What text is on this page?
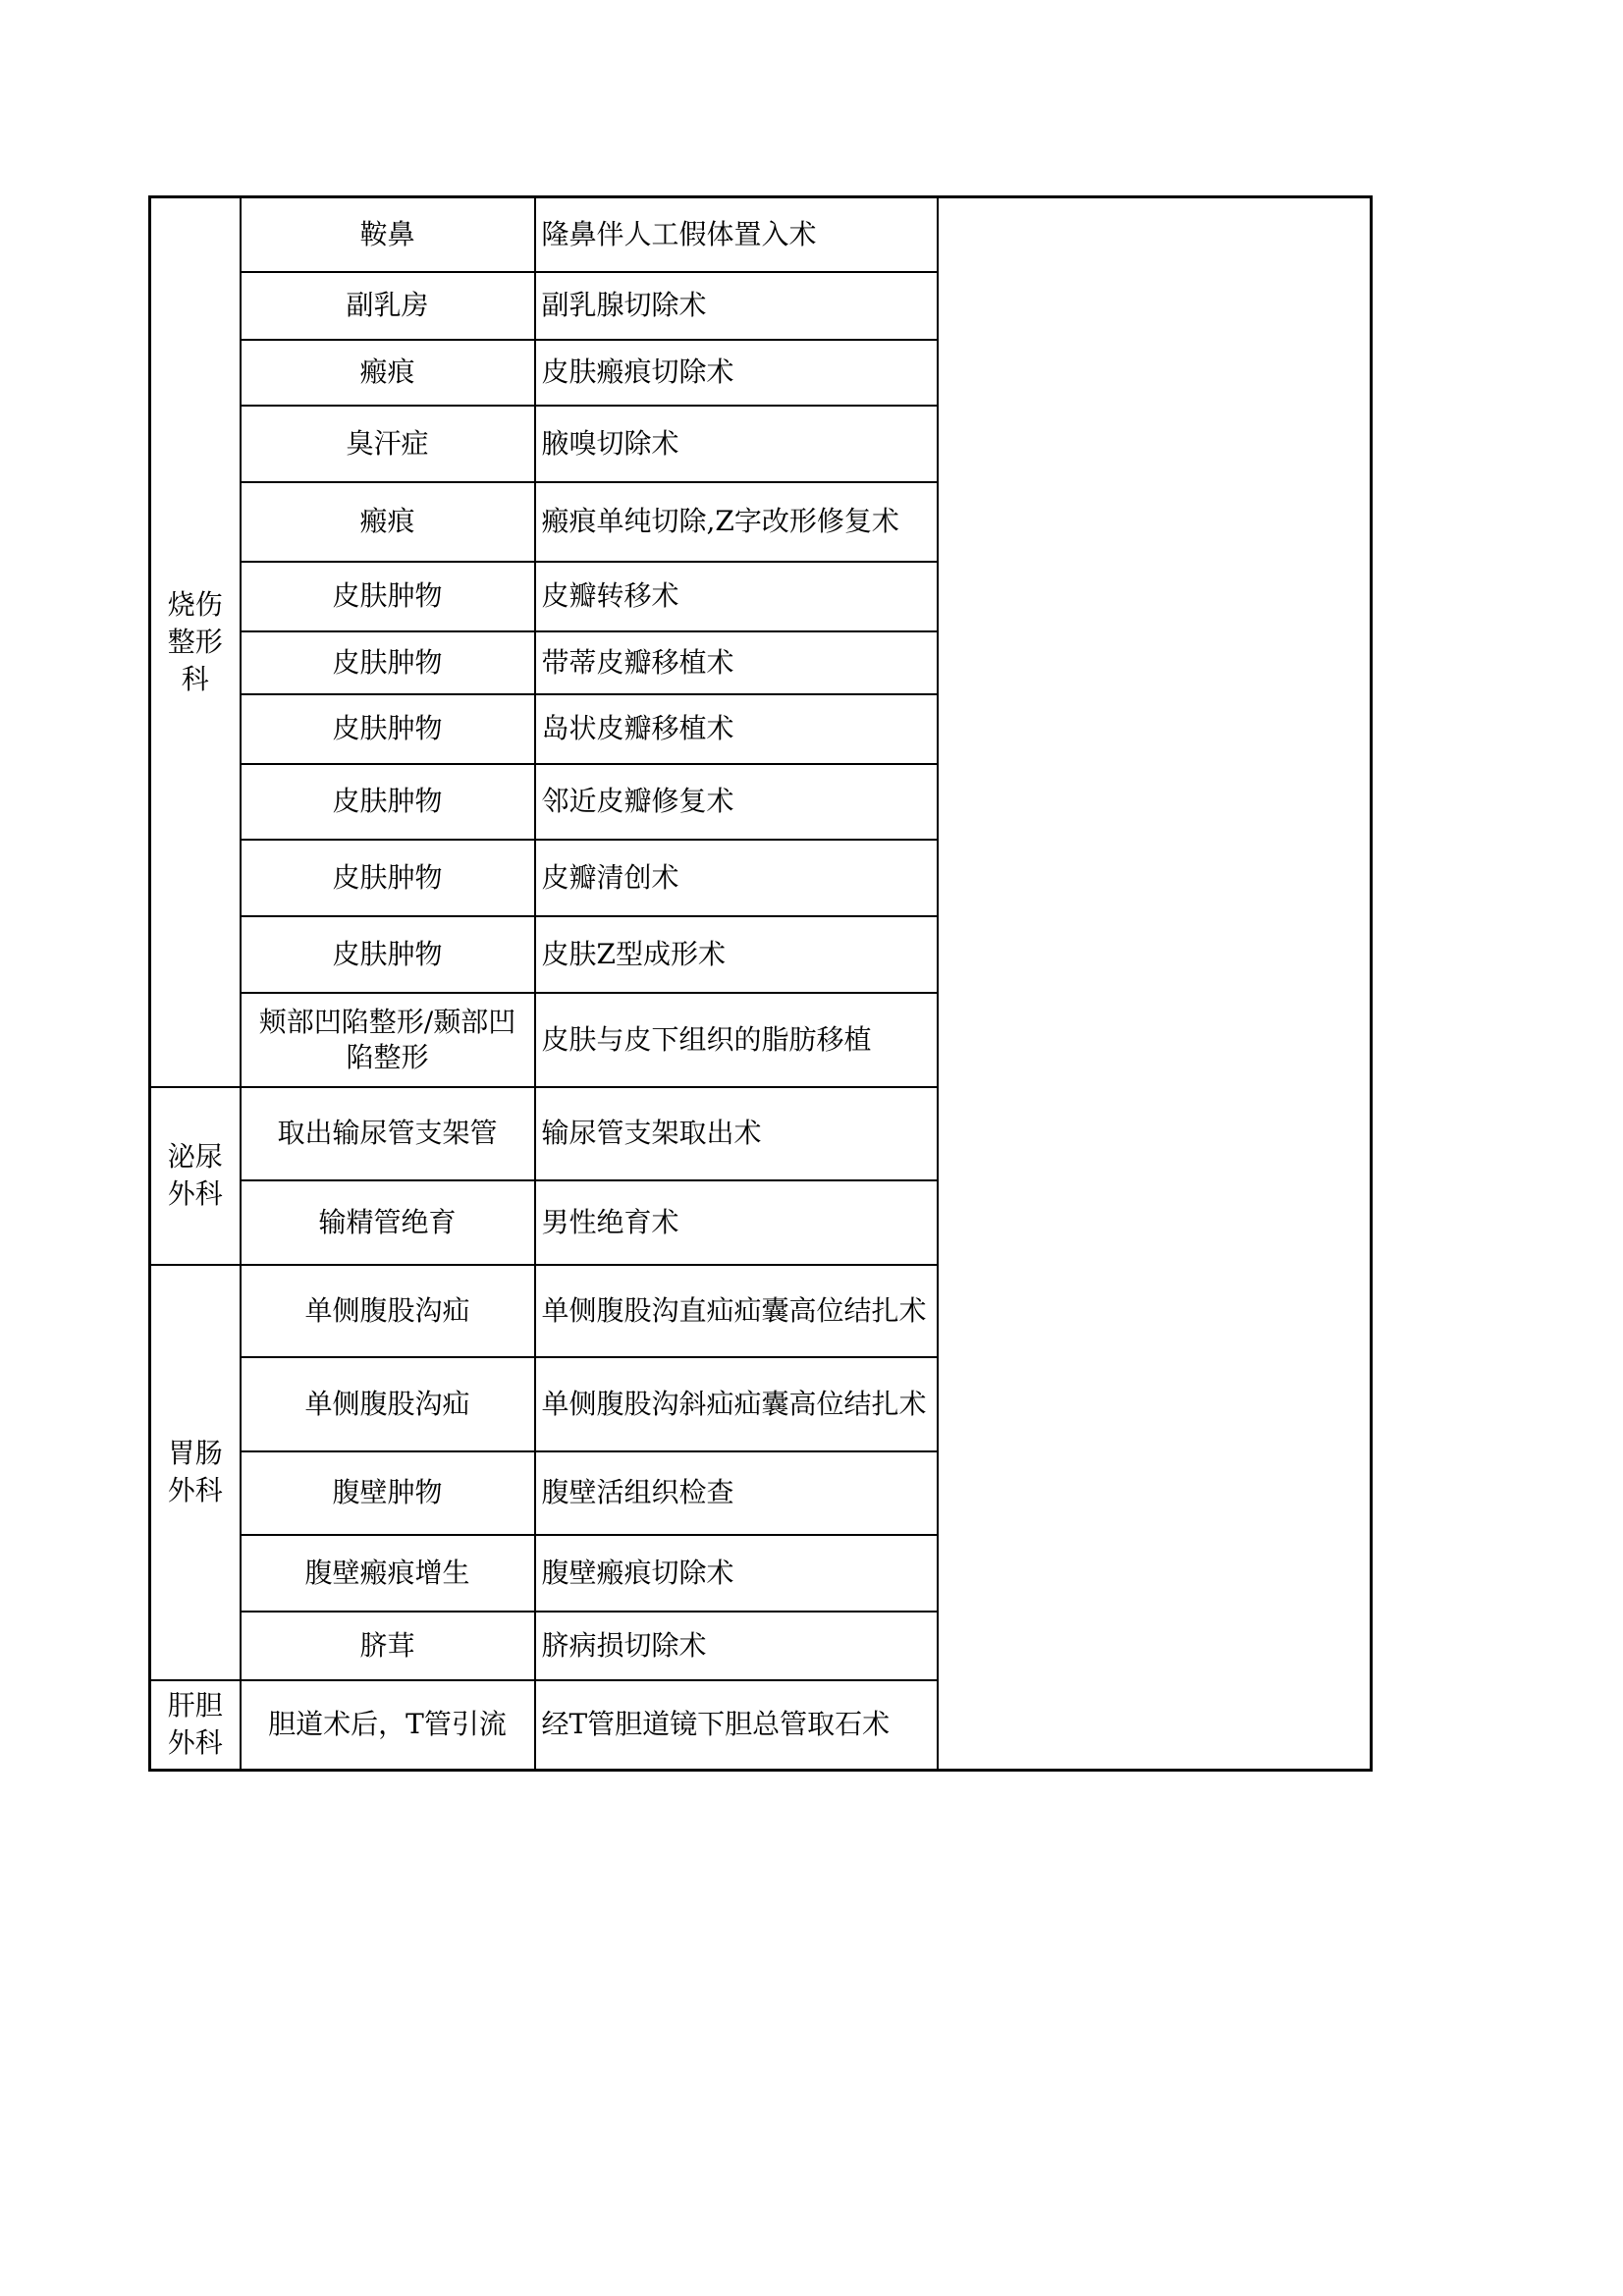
烧伤整形科	鞍鼻	隆鼻伴人工假体置入术	
	副乳房	副乳腺切除术	
	瘢痕	皮肤瘢痕切除术	
	臭汗症	腋嗅切除术	
	瘢痕	瘢痕单纯切除,Z字改形修复术	
	皮肤肿物	皮瓣转移术	
	皮肤肿物	带蒂皮瓣移植术	
	皮肤肿物	岛状皮瓣移植术	
	皮肤肿物	邻近皮瓣修复术	
	皮肤肿物	皮瓣清创术	
	皮肤肿物	皮肤Z型成形术	
	颊部凹陷整形/颞部凹陷整形	皮肤与皮下组织的脂肪移植	
泌尿外科	取出输尿管支架管	输尿管支架取出术	
	输精管绝育	男性绝育术	
胃肠外科	单侧腹股沟疝	单侧腹股沟直疝疝囊高位结扎术	
	单侧腹股沟疝	单侧腹股沟斜疝疝囊高位结扎术	
	腹壁肿物	腹壁活组织检查	
	腹壁瘢痕增生	腹壁瘢痕切除术	
	脐茸	脐病损切除术	
肝胆外科	胆道术后，T管引流	经T管胆道镜下胆总管取石术	
